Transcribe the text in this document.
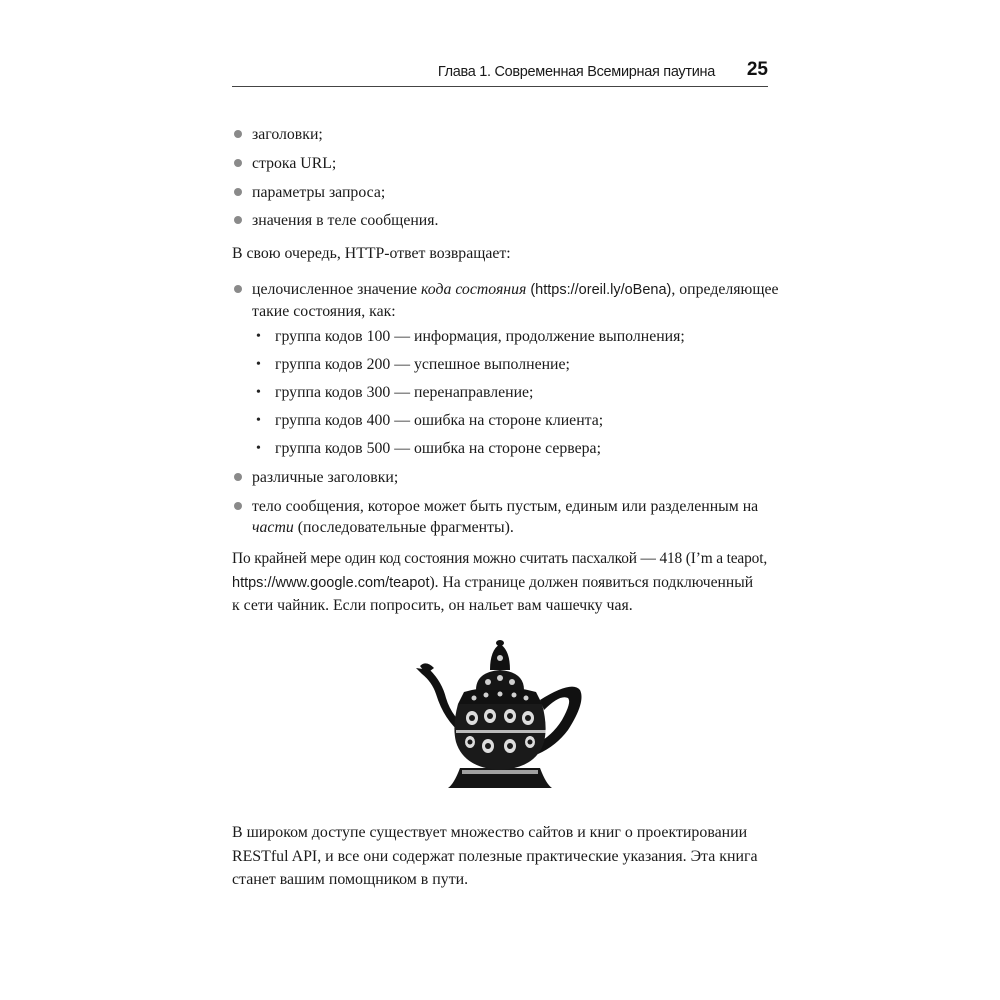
Глава 1. Современная Всемирная паутина 25
заголовки;
строка URL;
параметры запроса;
значения в теле сообщения.
В свою очередь, HTTP-ответ возвращает:
целочисленное значение кода состояния (https://oreil.ly/oBena), определяющее
такие состояния, как:
• группа кодов 100 — информация, продолжение выполнения;
• группа кодов 200 — успешное выполнение;
• группа кодов 300 — перенаправление;
• группа кодов 400 — ошибка на стороне клиента;
• группа кодов 500 — ошибка на стороне сервера;
различные заголовки;
тело сообщения, которое может быть пустым, единым или разделенным на
части (последовательные фрагменты).
По крайней мере один код состояния можно считать пасхалкой — 418 (I’m a teapot,
https://www.google.com/teapot). На странице должен появиться подключенный
к сети чайник. Если попросить, он нальет вам чашечку чая.
В широком доступе существует множество сайтов и книг о проектировании
RESTful API, и все они содержат полезные практические указания. Эта книга
станет вашим помощником в пути.
